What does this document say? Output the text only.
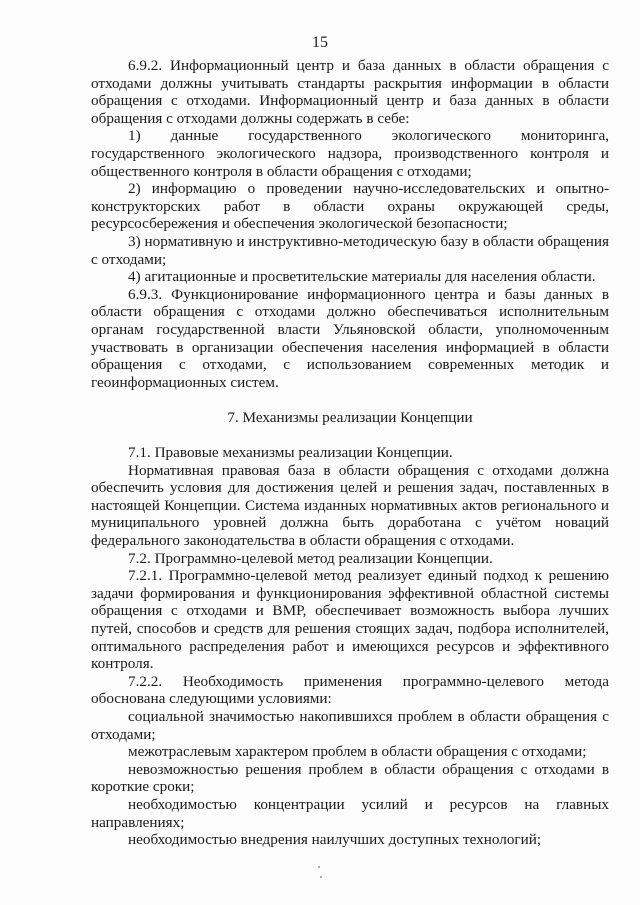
15

6.9.2. Информационный центр и база данных в области обращения с отходами должны учитывать стандарты раскрытия информации в области обращения с отходами. Информационный центр и база данных в области обращения с отходами должны содержать в себе:

1) данные государственного экологического мониторинга, государственного экологического надзора, производственного контроля и общественного контроля в области обращения с отходами;

2) информацию о проведении научно-исследовательских и опытно-конструкторских работ в области охраны окружающей среды, ресурсосбережения и обеспечения экологической безопасности;

3) нормативную и инструктивно-методическую базу в области обращения с отходами;

4) агитационные и просветительские материалы для населения области.

6.9.3. Функционирование информационного центра и базы данных в области обращения с отходами должно обеспечиваться исполнительным органам государственной власти Ульяновской области, уполномоченным участвовать в организации обеспечения населения информацией в области обращения с отходами, с использованием современных методик и геоинформационных систем.

7. Механизмы реализации Концепции

7.1. Правовые механизмы реализации Концепции.

Нормативная правовая база в области обращения с отходами должна обеспечить условия для достижения целей и решения задач, поставленных в настоящей Концепции. Система изданных нормативных актов регионального и муниципального уровней должна быть доработана с учётом новаций федерального законодательства в области обращения с отходами.

7.2. Программно-целевой метод реализации Концепции.

7.2.1. Программно-целевой метод реализует единый подход к решению задачи формирования и функционирования эффективной областной системы обращения с отходами и ВМР, обеспечивает возможность выбора лучших путей, способов и средств для решения стоящих задач, подбора исполнителей, оптимального распределения работ и имеющихся ресурсов и эффективного контроля.

7.2.2. Необходимость применения программно-целевого метода обоснована следующими условиями:

социальной значимостью накопившихся проблем в области обращения с отходами;

межотраслевым характером проблем в области обращения с отходами;

невозможностью решения проблем в области обращения с отходами в короткие сроки;

необходимостью концентрации усилий и ресурсов на главных направлениях;

необходимостью внедрения наилучших доступных технологий;
